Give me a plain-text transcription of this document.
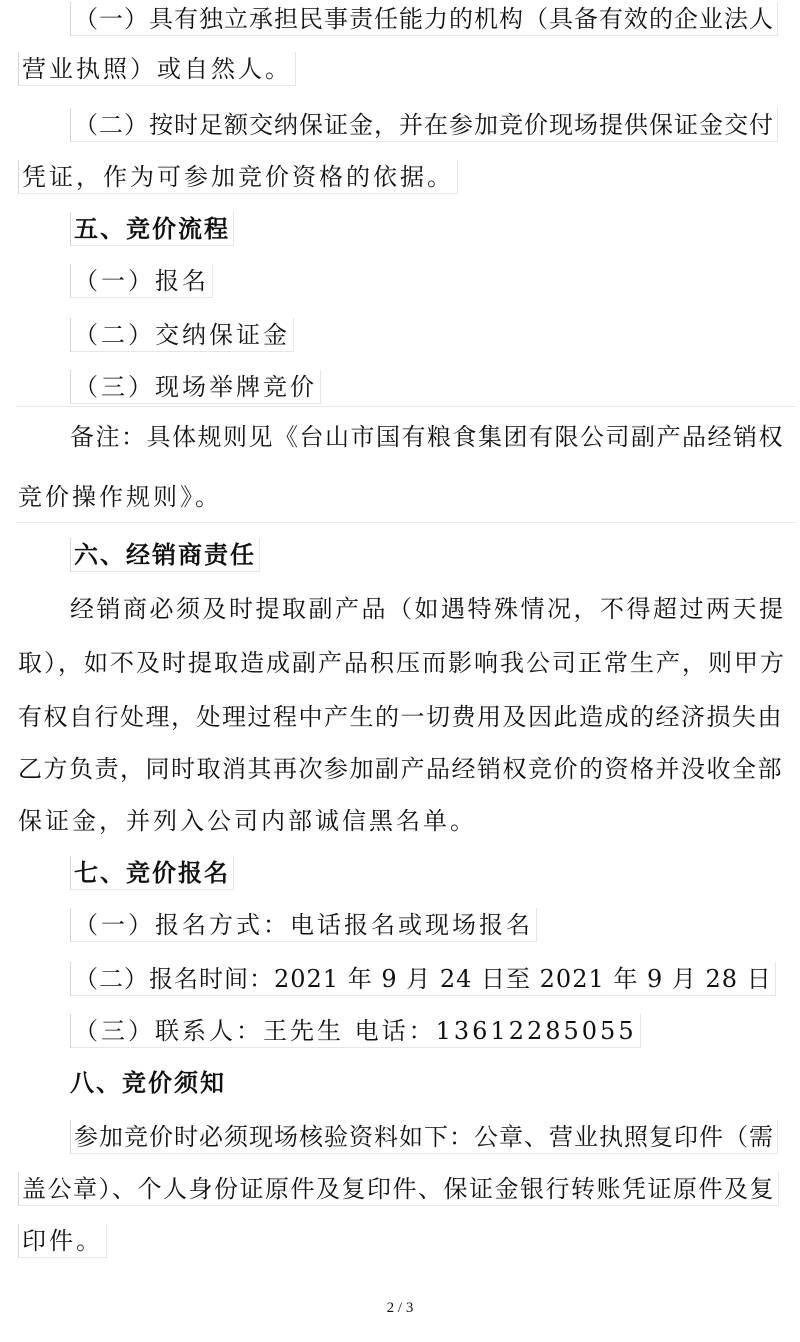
（一）具有独立承担民事责任能力的机构（具备有效的企业法人
营业执照）或自然人。
（二）按时足额交纳保证金，并在参加竞价现场提供保证金交付
凭证，作为可参加竞价资格的依据。
五、竞价流程
（一）报名
（二）交纳保证金
（三）现场举牌竞价
备注：具体规则见《台山市国有粮食集团有限公司副产品经销权
竞价操作规则》。
六、经销商责任
经销商必须及时提取副产品（如遇特殊情况，不得超过两天提
取），如不及时提取造成副产品积压而影响我公司正常生产，则甲方
有权自行处理，处理过程中产生的一切费用及因此造成的经济损失由
乙方负责，同时取消其再次参加副产品经销权竞价的资格并没收全部
保证金，并列入公司内部诚信黑名单。
七、竞价报名
（一）报名方式：电话报名或现场报名
（二）报名时间：2021 年 9 月 24 日至 2021 年 9 月 28 日
（三）联系人：王先生 电话：13612285055
八、竞价须知
参加竞价时必须现场核验资料如下：公章、营业执照复印件（需
盖公章）、个人身份证原件及复印件、保证金银行转账凭证原件及复
印件。
2 / 3
